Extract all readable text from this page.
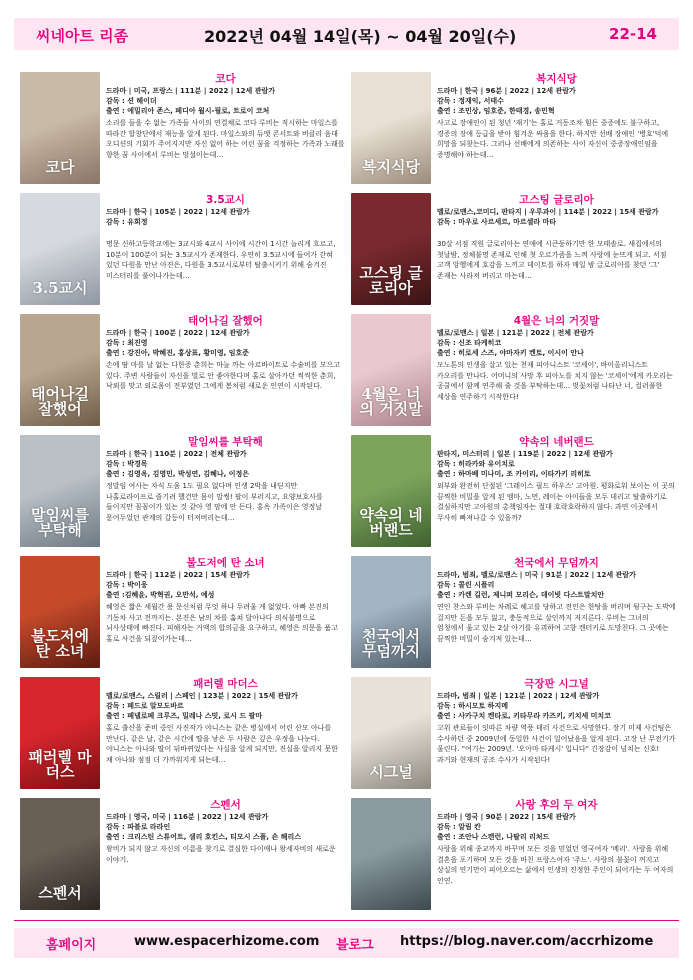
씨네아트 리좀	2022년 04월 14일(목) ~ 04월 20일(수)	22-14
코다
코다
드라마 | 미국, 프랑스 | 111분 | 2022 | 12세 관람가
감독 : 션 헤이더
출연 : 에밀리아 존스, 페디아 월시-필로, 트로이 코처
소리를 들을 수 없는 가족들 사이의 연결체로 코다 루비는 직시하는 마일스를 따라간 합창단에서 재능을 알게 된다. 마일스와의 듀엣 콘서트와 버클리 음대 오디션의 기회가 주어지지만 자신 없어 하는 어린 꿈을 걱정하는 가족과 노래를 향한 꿈 사이에서 루비는 망설이는데…
복지식당
복지식당
드라마 | 한국 | 96분 | 2022 | 12세 관람가
감독 : 정재익, 서태수
출연 : 조민상, 임호준, 한태경, 송민혁
사고로 장애인이 된 청년 '재기'는 홀로 거동조차 힘든 중증에도 불구하고, 경증의 장애 등급을 받아 힘겨운 싸움을 한다. 하지만 선배 장애인 '병호'덕에 희망을 되찾는다. 그러나 선배에게 의존하는 사이 자신이 중증장애인임을 증명해야 하는데…
3.5교시
3.5교시
드라마 | 한국 | 105분 | 2022 | 12세 관람가
감독 : 유희정
명문 신하고등학교에는 3교시와 4교시 사이에 시간이 1시간 늘리게 흐르고, 10분이 100분이 되는 3.5교시가 존재한다. 우연히 3.5교시에 들어가 갇혀 있던 다원을 만난 아진은, 다원을 3.5교시로부터 탈출시키기 위해 숨겨진 미스터리를 풀어나가는데…	고스팅 글로리아
고스팅 글로리아
멜로/로맨스,코미디, 판타지 | 우루과이 | 114분 | 2022 | 15세 관람가
감독 : 마우로 사르세르, 마르셀라 마타
30살 서점 직원 글로리아는 연애에 시큰둥하기만 한 모태솔로. 새집에서의 첫날밤, 정체불명 존재로 인해 첫 오르가즘을 느껴 사랑에 눈뜨게 되고. 서점 고객 앙헬에게 호감을 느끼고 데이트를 하자 매일 밤 글로리아를 찾던 '그' 존재는 사라져 버리고 마는데…
태어나길 잘했어
태어나길 잘했어
드라마 | 한국 | 100분 | 2022 | 12세 관람가
감독 : 최진영
출연 : 강진아, 박혜진, 홍상표, 황미영, 임호준
손에 땀 마를 날 없는 다한증 춘희는 마늘 까는 아르바이트로 수술비를 모으고 있다. 주변 사람들이 자신을 벌로 안 좋아한다며 홀로 살아가던 씩씩한 춘희, 낙뢰를 맞고 외로움이 전부였던 그에게 봄처럼 새로운 인연이 시작된다.	4월은 너의 거짓말
4월은 너의 거짓말
멜로/로맨스 | 일본 | 121분 | 2022 | 전체 관람가
감독 : 신조 타케히코
출연 : 히로세 스즈, 야마자키 켄토, 이시이 안나
모노톤의 인생을 살고 있는 천재 피아니스트 '코세이', 바이올리니스트 카오리를 만나다. 어머니의 사망 후 피아노를 치지 않는 '코세이'에게 카오리는 공쿨에서 함께 연주해 줄 것을 부탁하는데… 벚꽃처럼 나타난 너, 컬러풀한 세상을 연주하기 시작한다!
말임씨를 부탁해
말임씨를 부탁해
드라마 | 한국 | 110분 | 2022 | 전체 관람가
감독 : 박경목
출연 : 김영옥, 김영민, 박성연, 김혜나, 이정은
정말임 여사는 자식 도움 1도 필요 없다며 인생 2막을 내딛지만 나홀로라이프로 즐기려 했건만 몸이 말썽! 팔이 부러지고, 요양보호사를 들이지만 꼼꼼이가 있는 것 같아 영 맘에 안 든다. 홍옥 가족이은 영정날 묻어두었던 관계의 갈등이 터져버리는데…	약속의 네버랜드
약속의 네버랜드
판타지, 미스터리 | 일본 | 119분 | 2022 | 12세 관람가
감독 : 히라카와 유이치로
출연 : 하마베 미나미, 조 카이리, 이타가키 리히토
외부와 완전히 단절된 '그레이스 필드 하우스' 고아원. 평화로워 보이는 이 곳의 끔찍한 비밀을 알게 된 엠마, 노먼, 레이는 아이들을 모두 데리고 탈출하기로 결심하지만 고아원의 총책임자는 절대 호락호락하지 않다. 과연 이곳에서 무사히 빠져나갈 수 있을까?
불도저에 탄 소녀
불도저에 탄 소녀
드라마 | 한국 | 112분 | 2022 | 15세 관람가
감독 : 박이웅
출연 :김혜윤, 박혁권, 오만석, 예성
혜영은 짧은 세월간 용 문신처럼 무엇 하나 두려울 게 없었다. 아빠 본진의 기동차 사고 전까지는. 본진은 남의 차를 훔쳐 달아나다 의식불명으로 뇌사상태에 빠진다. 피해자는 거액의 합의금을 요구하고, 혜영은 의문을 품고 홀로 사건을 되짚어가는데…	천국에서 무덤까지
천국에서 무덤까지
드라마, 범죄, 멜로/로맨스 | 미국 | 91분 | 2022 | 12세 관람가
감독 : 콜린 시플리
출연 : 카렌 길런, 제니퍼 모리슨, 데이빗 다스트말치안
연인 찬스와 루비는 차레로 헤고를 당하고 전인은 한탕을 버리며 뒹구는 도박에 걸지만 돈을 모두 잃고, 충동적으로 살인까지 저지른다. 루비는 그녀의 엄청에서 울고 있는 2살 아기를 유괴하여 고향 켄터키로 도망친다. 그 곳에는 끔찍한 비밀이 숨겨져 있는데…
패러렐 마더스
패러렐 마더스
멜로/로맨스, 스릴러 | 스페인 | 123분 | 2022 | 15세 관람가
감독 : 페드로 알모도바르
출연 : 페넬로페 크루즈, 밀레나 스밋, 로시 드 팔마
홀로 출산을 준비 중인 사진작가 야니스는 같은 병실에서 어린 산모 아나를 만난다. 같은 날, 같은 시간에 딸을 낳은 두 사람은 깊은 우정을 나눈다. 야니스는 아나와 딸이 뒤바뀌었다는 사실을 알게 되지만, 진실을 알리지 못한 채 아나와 점점 더 가까워지게 되는데…
시그널
극장판 시그널
드라마, 범죄 | 일본 | 121분 | 2022 | 12세 관람가
감독 : 하시모토 하지메
출연 : 사카구치 켄타로, 키타무라 카즈키, 키치세 미치코
고위 관료들이 잇따른 차량 역풍 테러 사건으로 사망한다. 장기 미제 사건팀은 수사하던 중 2009년에 동일한 사건이 일어났음을 알게 된다. 고장 난 무전기가 울린다. "여기는 2009년. '오아마 타케시' 입니다" 긴장감이 넘치는 신호! 과거와 현재의 공조 수사가 시작된다!
스펜서
스펜서
드라마 | 영국, 미국 | 116분 | 2022 | 12세 관람가
감독 : 파블로 라라인
출연 : 크리스틴 스튜어트, 샐리 호킨스, 티모시 스폴, 숀 해리스
왕비가 되지 않고 자신의 이름을 찾기로 결심한 다이애나 왕세자비의 새로운 이야기.
사랑 후의 두 여자
드라마 | 영국 | 90분 | 2022 | 15세 관람가
감독 : 알림 칸
출연 : 조안나 스캔런, 나탈리 리처드
사랑을 위해 종교까지 바꾸며 모든 것을 믿었던 영국여자 '메리'. 사랑을 위해 결혼을 포기하며 모든 것을 바친 프랑스여자 '주느'. 사랑의 불꽃이 꺼지고 상실의 연기만이 피어오르는 삶에서 인생의 진정한 주인이 되어가는 두 여자의 인연.
홈페이지	www.espacerhizome.com 블로그 https://blog.naver.com/accrhizome
